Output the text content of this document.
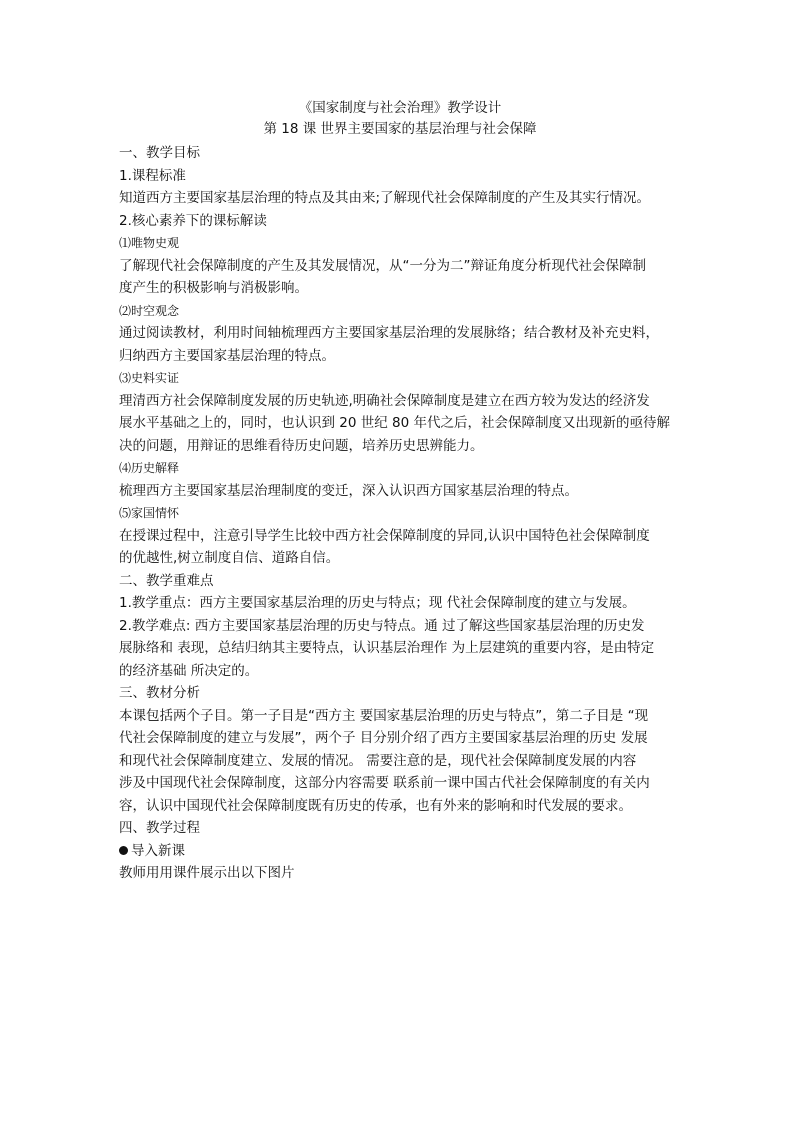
《国家制度与社会治理》教学设计
第 18 课 世界主要国家的基层治理与社会保障
一、教学目标
1.课程标准
知道西方主要国家基层治理的特点及其由来;了解现代社会保障制度的产生及其实行情况。
2.核心素养下的课标解读
⑴唯物史观
了解现代社会保障制度的产生及其发展情况，从“一分为二”辩证角度分析现代社会保障制
度产生的积极影响与消极影响。
⑵时空观念
通过阅读教材，利用时间轴梳理西方主要国家基层治理的发展脉络；结合教材及补充史料，
归纳西方主要国家基层治理的特点。
⑶史料实证
理清西方社会保障制度发展的历史轨迹,明确社会保障制度是建立在西方较为发达的经济发
展水平基础之上的，同时，也认识到 20 世纪 80 年代之后，社会保障制度又出现新的亟待解
决的问题，用辩证的思维看待历史问题，培养历史思辨能力。
⑷历史解释
梳理西方主要国家基层治理制度的变迁，深入认识西方国家基层治理的特点。
⑸家国情怀
在授课过程中，注意引导学生比较中西方社会保障制度的异同,认识中国特色社会保障制度
的优越性,树立制度自信、道路自信。
二、教学重难点
1.教学重点：西方主要国家基层治理的历史与特点；现 代社会保障制度的建立与发展。
2.教学难点: 西方主要国家基层治理的历史与特点。通 过了解这些国家基层治理的历史发
展脉络和 表现，总结归纳其主要特点，认识基层治理作 为上层建筑的重要内容，是由特定
的经济基础 所决定的。
三、教材分析
本课包括两个子目。第一子目是“西方主 要国家基层治理的历史与特点”，第二子目是 “现
代社会保障制度的建立与发展”，两个子 目分别介绍了西方主要国家基层治理的历史 发展
和现代社会保障制度建立、发展的情况。 需要注意的是，现代社会保障制度发展的内容
涉及中国现代社会保障制度，这部分内容需要 联系前一课中国古代社会保障制度的有关内
容，认识中国现代社会保障制度既有历史的传承，也有外来的影响和时代发展的要求。
四、教学过程
导入新课
教师用用课件展示出以下图片
